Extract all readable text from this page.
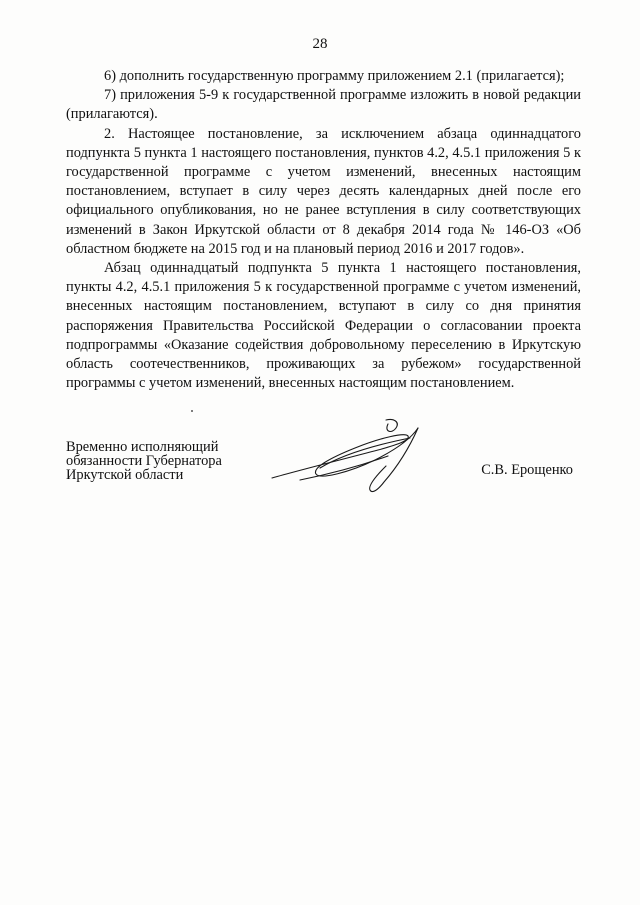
28

6) дополнить государственную программу приложением 2.1 (прилагается);

7) приложения 5-9 к государственной программе изложить в новой редакции (прилагаются).

2. Настоящее постановление, за исключением абзаца одиннадцатого подпункта 5 пункта 1 настоящего постановления, пунктов 4.2, 4.5.1 приложения 5 к государственной программе с учетом изменений, внесенных настоящим постановлением, вступает в силу через десять календарных дней после его официального опубликования, но не ранее вступления в силу соответствующих изменений в Закон Иркутской области от 8 декабря 2014 года № 146-ОЗ «Об областном бюджете на 2015 год и на плановый период 2016 и 2017 годов».

Абзац одиннадцатый подпункта 5 пункта 1 настоящего постановления, пункты 4.2, 4.5.1 приложения 5 к государственной программе с учетом изменений, внесенных настоящим постановлением, вступают в силу со дня принятия распоряжения Правительства Российской Федерации о согласовании проекта подпрограммы «Оказание содействия добровольному переселению в Иркутскую область соотечественников, проживающих за рубежом» государственной программы с учетом изменений, внесенных настоящим постановлением.

Временно исполняющий
обязанности Губернатора
Иркутской области	С.В. Ерощенко
